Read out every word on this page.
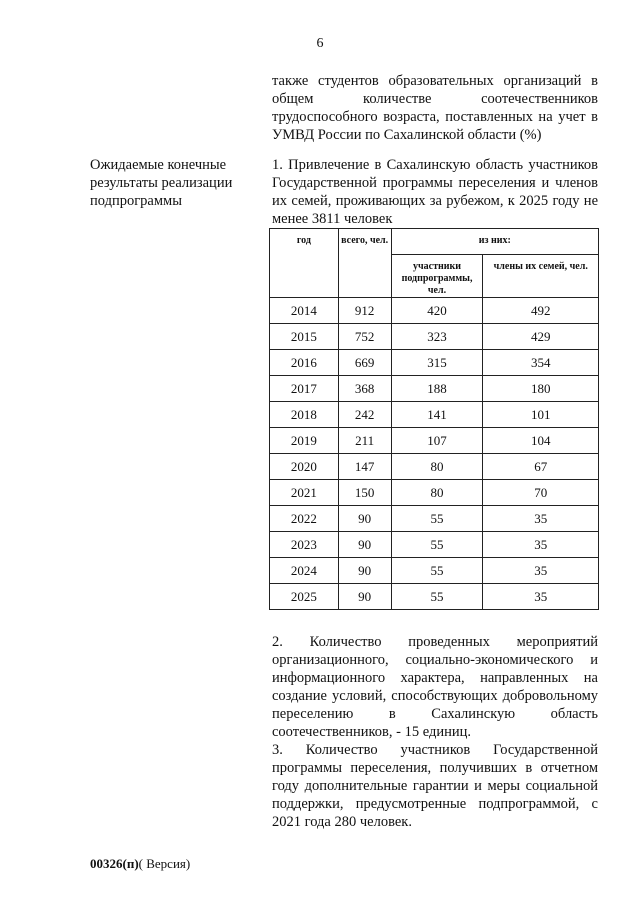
6
также студентов образовательных организаций в общем количестве соотечественников трудоспособного возраста, поставленных на учет в УМВД России по Сахалинской области (%)
Ожидаемые конечные результаты реализации подпрограммы
1. Привлечение в Сахалинскую область участников Государственной программы переселения и членов их семей, проживающих за рубежом, к 2025 году не менее 3811 человек
год	всего, чел.	из них:	
		участники подпрограммы, чел.	члены их семей, чел.
2014	912	420	492
2015	752	323	429
2016	669	315	354
2017	368	188	180
2018	242	141	101
2019	211	107	104
2020	147	80	67
2021	150	80	70
2022	90	55	35
2023	90	55	35
2024	90	55	35
2025	90	55	35

2. Количество проведенных мероприятий организационного, социально-экономического и информационного характера, направленных на создание условий, способствующих добровольному переселению в Сахалинскую область соотечественников, - 15 единиц.

3. Количество участников Государственной программы переселения, получивших в отчетном году дополнительные гарантии и меры социальной поддержки, предусмотренные подпрограммой, с 2021 года 280 человек.

00326(п)( Версия)
